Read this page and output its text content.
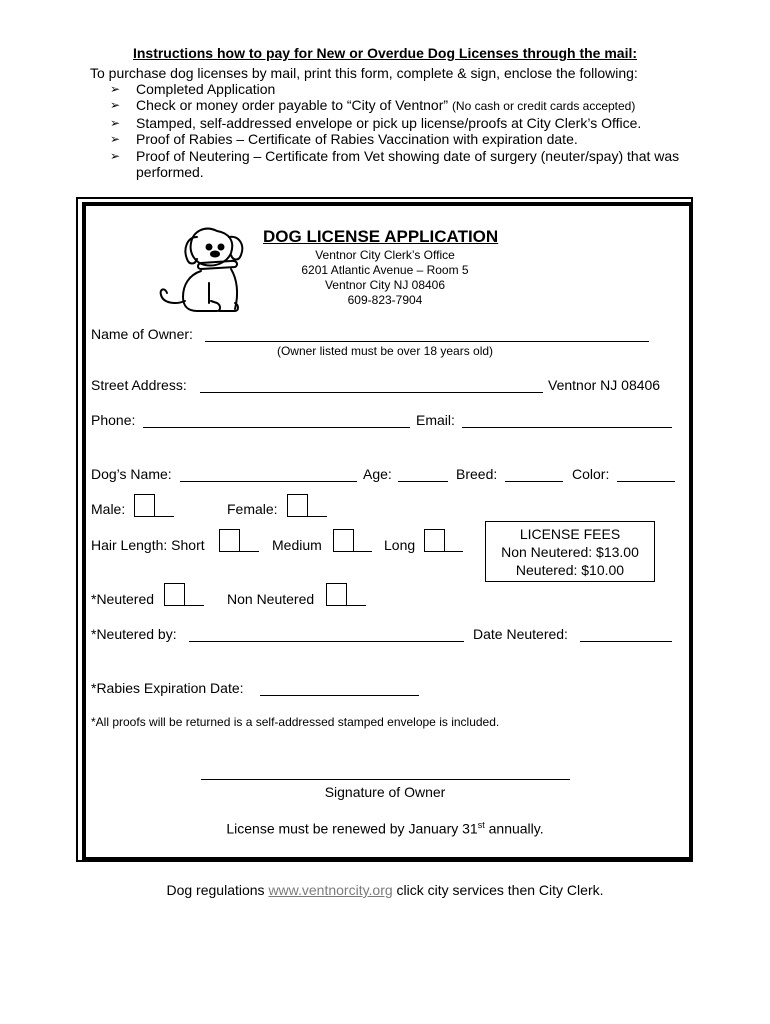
Instructions how to pay for New or Overdue Dog Licenses through the mail:
To purchase dog licenses by mail, print this form, complete & sign, enclose the following:
➢ Completed Application
➢ Check or money order payable to “City of Ventnor” (No cash or credit cards accepted)
➢ Stamped, self-addressed envelope or pick up license/proofs at City Clerk’s Office.
➢ Proof of Rabies – Certificate of Rabies Vaccination with expiration date.
➢ Proof of Neutering – Certificate from Vet showing date of surgery (neuter/spay) that was performed.
DOG LICENSE APPLICATION
Ventnor City Clerk’s Office
6201 Atlantic Avenue – Room 5
Ventnor City NJ 08406
609-823-7904
Name of Owner:
(Owner listed must be over 18 years old)
Street Address:	Ventnor NJ 08406
Phone:	Email:
Dog’s Name:	Age:	Breed:	Color:
Male:	Female:
Hair Length: Short	Medium	Long
LICENSE FEES
Non Neutered: $13.00
Neutered: $10.00
*Neutered	Non Neutered
*Neutered by:	Date Neutered:
*Rabies Expiration Date:
*All proofs will be returned is a self-addressed stamped envelope is included.
Signature of Owner
License must be renewed by January 31st annually.
Dog regulations www.ventnorcity.org click city services then City Clerk.
